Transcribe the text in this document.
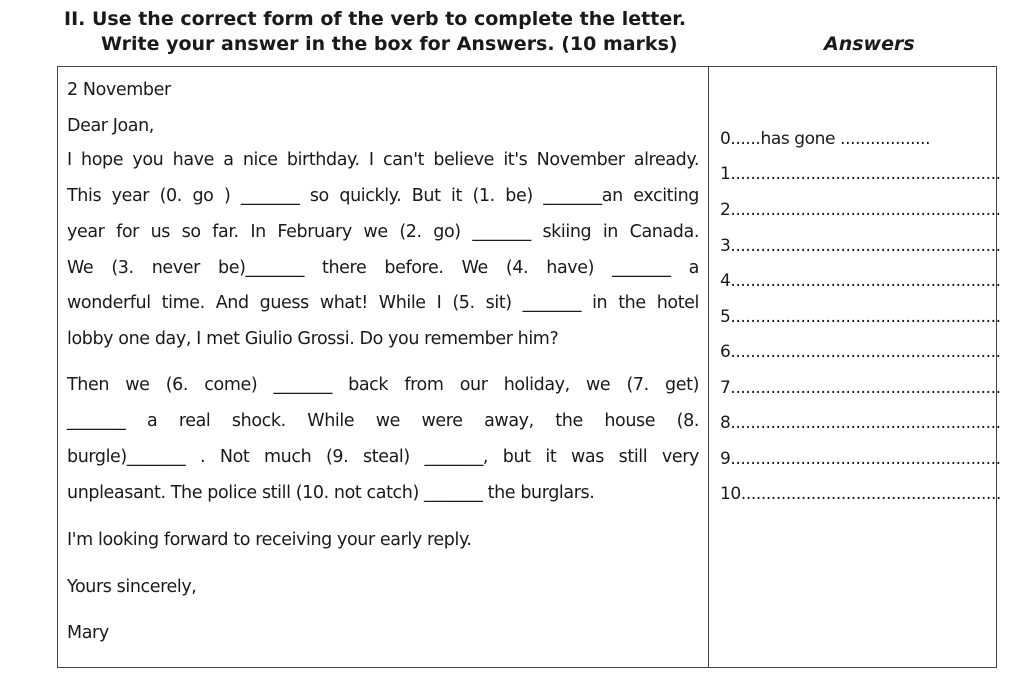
II. Use the correct form of the verb to complete the letter.
Write your answer in the box for Answers. (10 marks)	Answers
2 November
Dear Joan,
I hope you have a nice birthday. I can't believe it's November already.
This year (0. go ) _______ so quickly. But it (1. be) _______an exciting
year for us so far. In February we (2. go) _______ skiing in Canada.
We (3. never be)_______ there before. We (4. have) _______ a
wonderful time. And guess what! While I (5. sit) _______ in the hotel
lobby one day, I met Giulio Grossi. Do you remember him?
Then we (6. come) _______ back from our holiday, we (7. get)
_______ a real shock. While we were away, the house (8.
burgle)_______ . Not much (9. steal) _______, but it was still very
unpleasant. The police still (10. not catch) _______ the burglars.
I'm looking forward to receiving your early reply.
Yours sincerely,
Mary
0......has gone ..................
1......................................................
2......................................................
3......................................................
4......................................................
5......................................................
6......................................................
7......................................................
8......................................................
9......................................................
10....................................................
